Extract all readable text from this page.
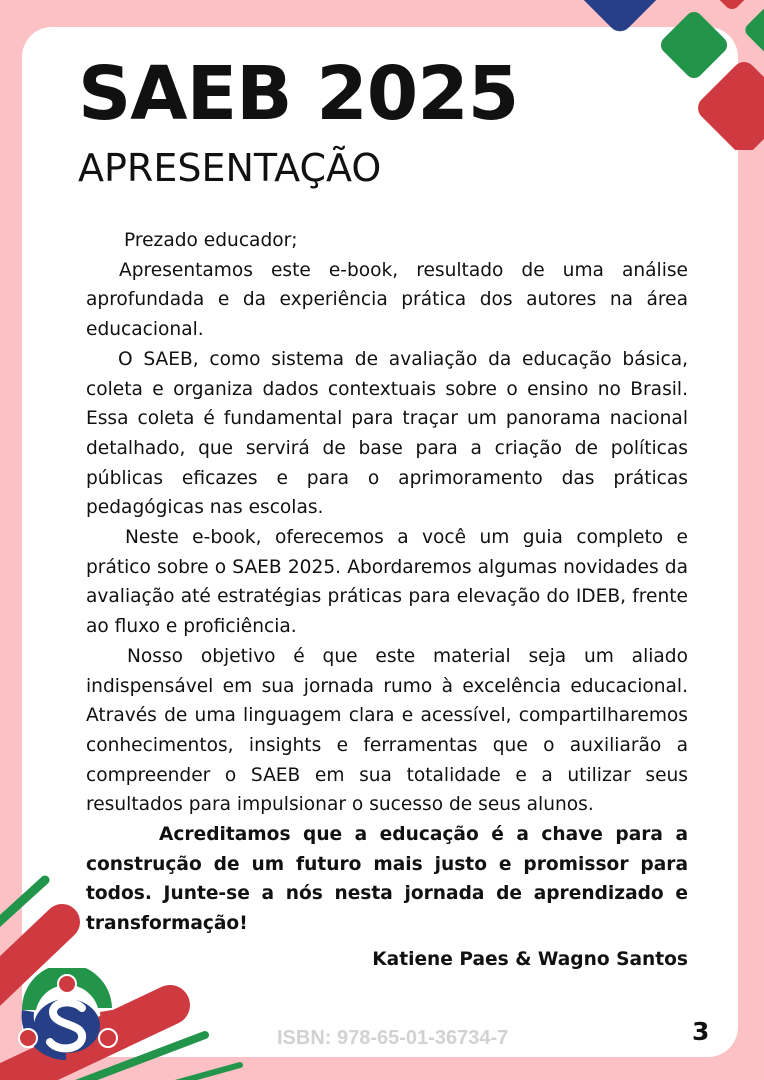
SAEB 2025
APRESENTAÇÃO

Prezado educador;

Apresentamos este e-book, resultado de uma análise aprofundada e da experiência prática dos autores na área educacional.

O SAEB, como sistema de avaliação da educação básica, coleta e organiza dados contextuais sobre o ensino no Brasil. Essa coleta é fundamental para traçar um panorama nacional detalhado, que servirá de base para a criação de políticas públicas eficazes e para o aprimoramento das práticas pedagógicas nas escolas.

Neste e-book, oferecemos a você um guia completo e prático sobre o SAEB 2025. Abordaremos algumas novidades da avaliação até estratégias práticas para elevação do IDEB, frente ao fluxo e proficiência.

Nosso objetivo é que este material seja um aliado indispensável em sua jornada rumo à excelência educacional. Através de uma linguagem clara e acessível, compartilharemos conhecimentos, insights e ferramentas que o auxiliarão a compreender o SAEB em sua totalidade e a utilizar seus resultados para impulsionar o sucesso de seus alunos.

Acreditamos que a educação é a chave para a construção de um futuro mais justo e promissor para todos. Junte-se a nós nesta jornada de aprendizado e transformação!

Katiene Paes & Wagno Santos

ISBN: 978-65-01-36734-7	3
